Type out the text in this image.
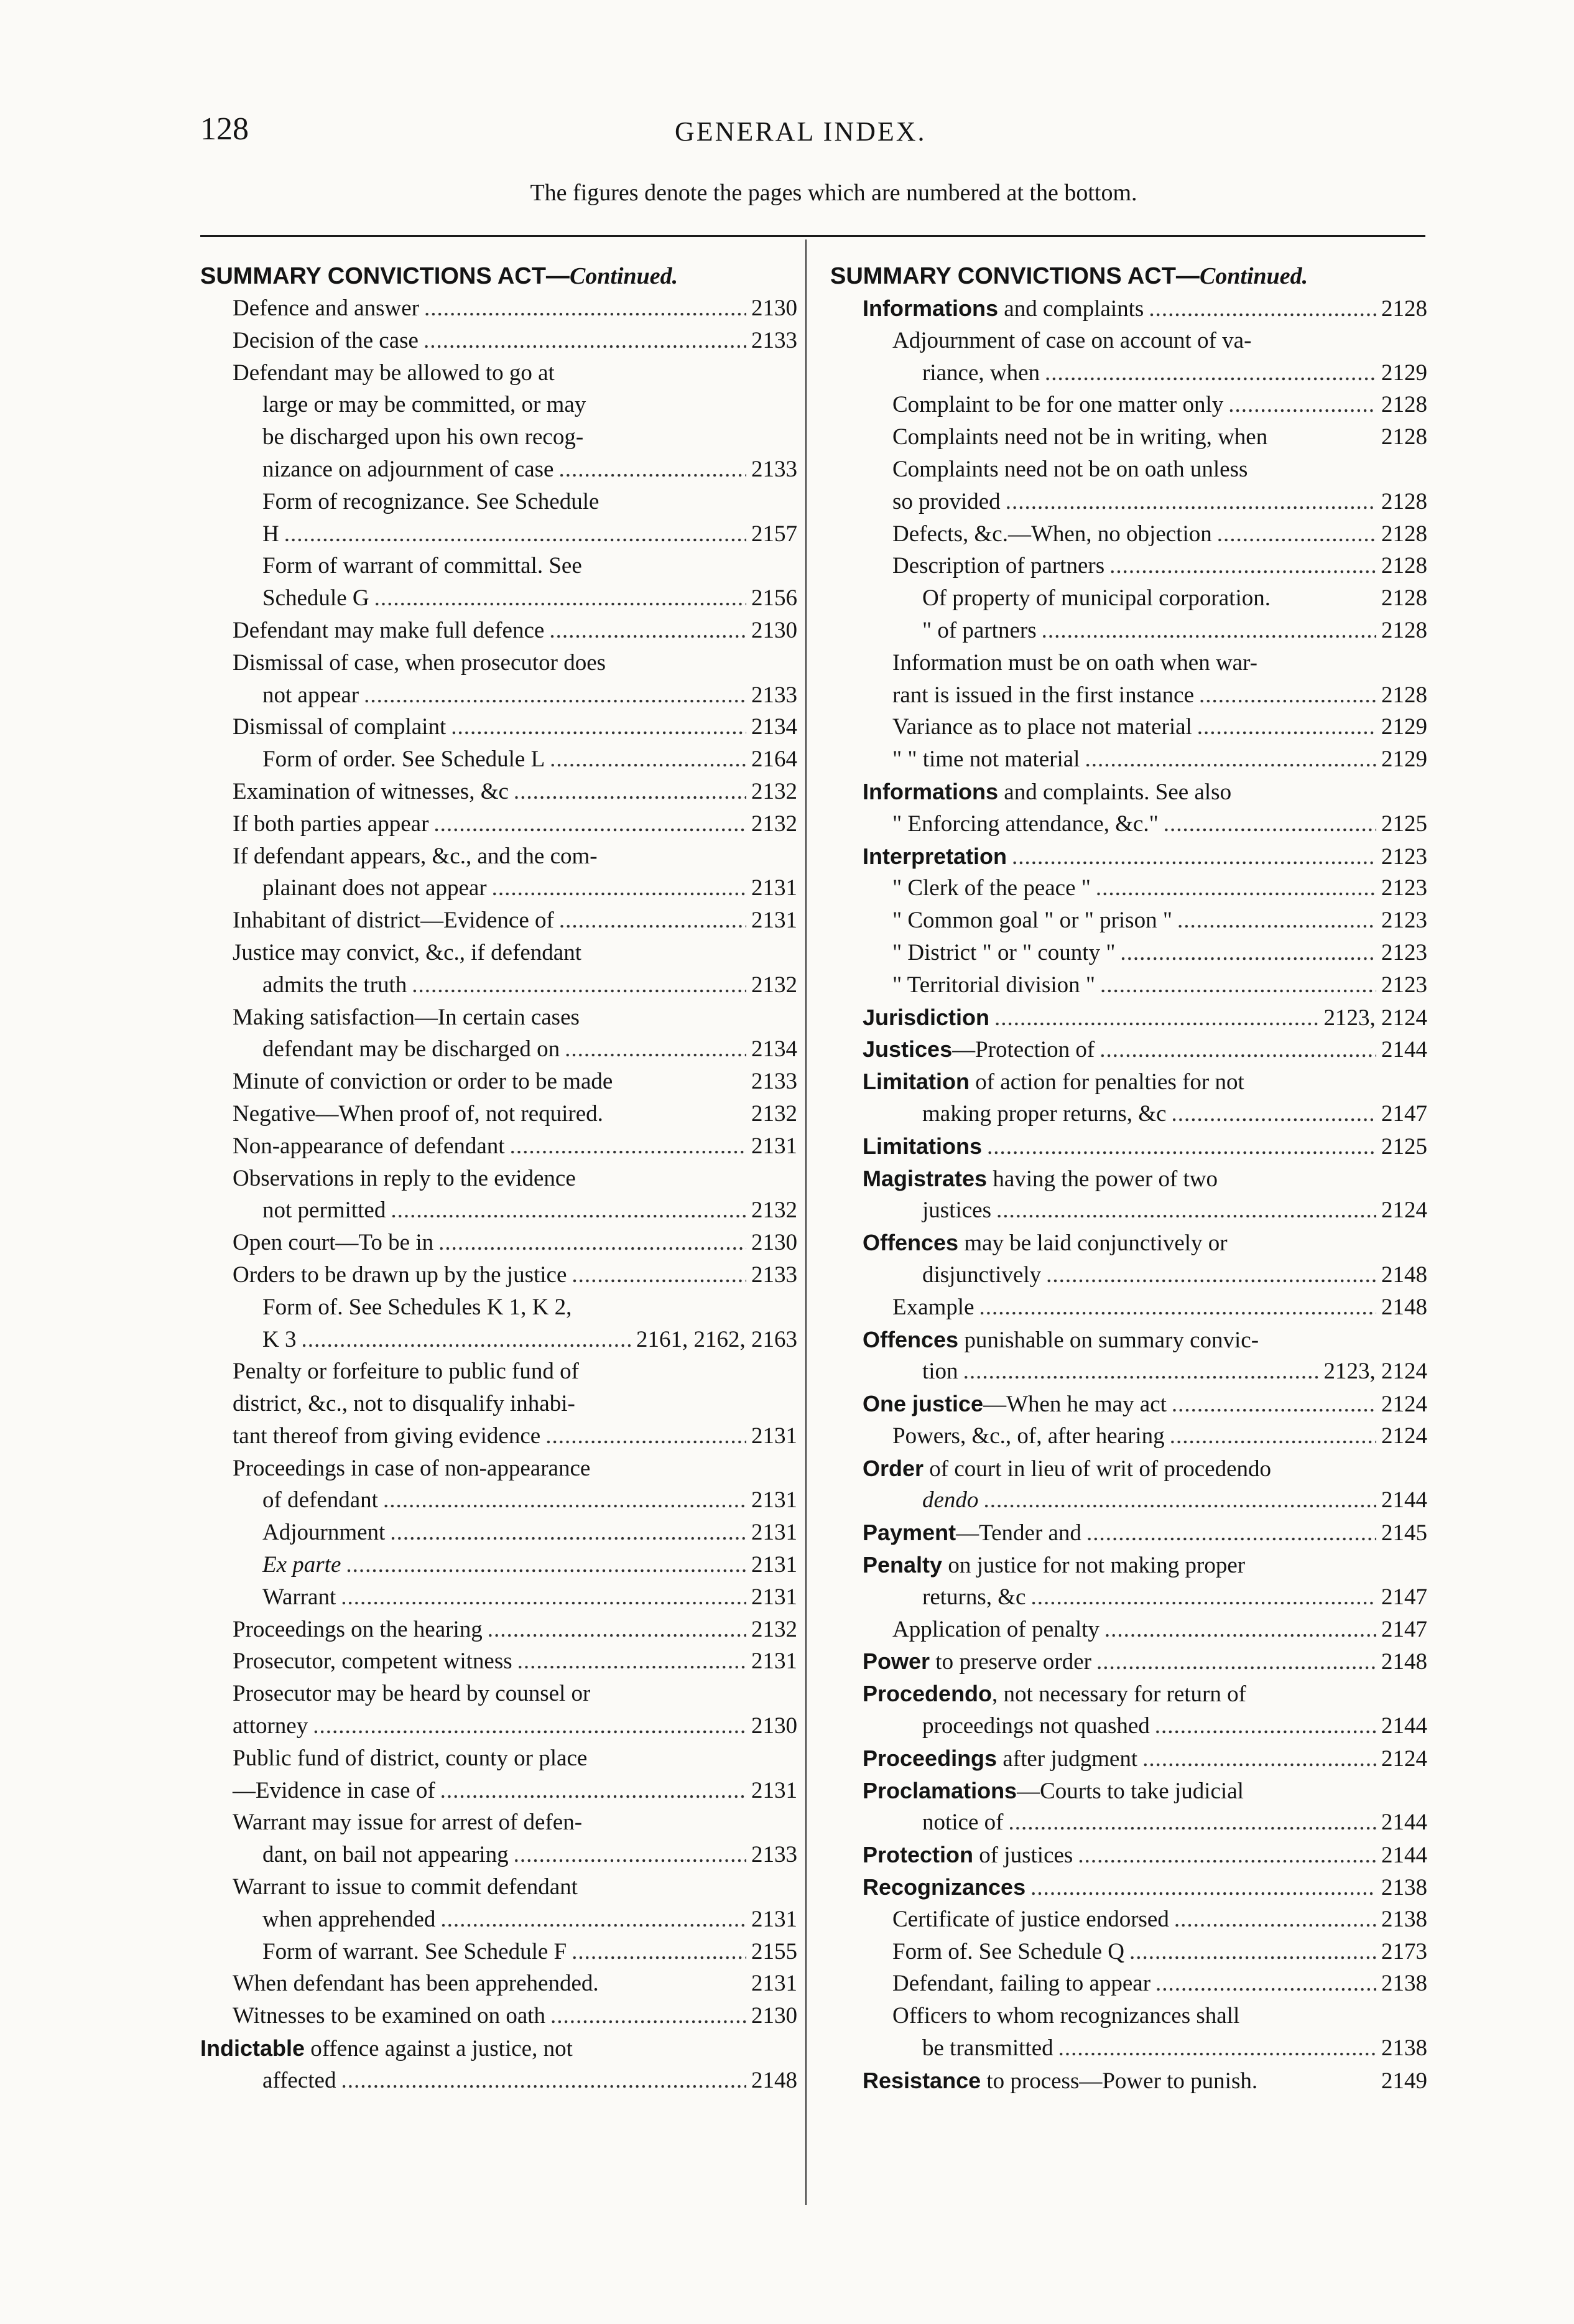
128	GENERAL INDEX.
The figures denote the pages which are numbered at the bottom.
SUMMARY CONVICTIONS ACT—Continued.
Defence and answer .....	2130
Decision of the case .....	2133
Defendant may be allowed to go at
large or may be committed, or may
be discharged upon his own recog-
nizance on adjournment of case .....	2133
Form of recognizance. See Schedule
H .....	2157
Form of warrant of committal. See
Schedule G .....	2156
Defendant may make full defence .....	2130
Dismissal of case, when prosecutor does
not appear .....	2133
Dismissal of complaint .....	2134
Form of order. See Schedule L .....	2164
Examination of witnesses, &c .....	2132
If both parties appear .....	2132
If defendant appears, &c., and the com-
plainant does not appear .....	2131
Inhabitant of district—Evidence of .....	2131
Justice may convict, &c., if defendant
admits the truth .....	2132
Making satisfaction—In certain cases
defendant may be discharged on .....	2134
Minute of conviction or order to be made	2133
Negative—When proof of, not required.	2132
Non-appearance of defendant .....	2131
Observations in reply to the evidence
not permitted .....	2132
Open court—To be in .....	2130
Orders to be drawn up by the justice .....	2133
Form of. See Schedules K 1, K 2,
K 3 .....	2161, 2162, 2163
Penalty or forfeiture to public fund of
district, &c., not to disqualify inhabi-
tant thereof from giving evidence .....	2131
Proceedings in case of non-appearance
of defendant .....	2131
Adjournment .....	2131
Ex parte .....	2131
Warrant .....	2131
Proceedings on the hearing .....	2132
Prosecutor, competent witness .....	2131
Prosecutor may be heard by counsel or
attorney .....	2130
Public fund of district, county or place
—Evidence in case of .....	2131
Warrant may issue for arrest of defen-
dant, on bail not appearing .....	2133
Warrant to issue to commit defendant
when apprehended .....	2131
Form of warrant. See Schedule F .....	2155
When defendant has been apprehended.	2131
Witnesses to be examined on oath .....	2130
Indictable offence against a justice, not
affected .....	2148
SUMMARY CONVICTIONS ACT—Continued.
Informations and complaints .....	2128
Adjournment of case on account of va-
riance, when .....	2129
Complaint to be for one matter only .....	2128
Complaints need not be in writing, when	2128
Complaints need not be on oath unless
so provided .....	2128
Defects, &c.—When, no objection .....	2128
Description of partners .....	2128
Of property of municipal corporation.	2128
" of partners .....	2128
Information must be on oath when war-
rant is issued in the first instance .....	2128
Variance as to place not material .....	2129
" " time not material .....	2129
Informations and complaints. See also
" Enforcing attendance, &c." .....	2125
Interpretation .....	2123
" Clerk of the peace " .....	2123
" Common goal " or " prison " .....	2123
" District " or " county " .....	2123
" Territorial division " .....	2123
Jurisdiction .....	2123, 2124
Justices —Protection of .....	2144
Limitation of action for penalties for not
making proper returns, &c .....	2147
Limitations .....	2125
Magistrates having the power of two
justices .....	2124
Offences may be laid conjunctively or
disjunctively .....	2148
Example .....	2148
Offences punishable on summary convic-
tion .....	2123, 2124
One justice —When he may act .....	2124
Powers, &c., of, after hearing .....	2124
Order of court in lieu of writ of procedendo
dendo .....	2144
Payment —Tender and .....	2145
Penalty on justice for not making proper
returns, &c .....	2147
Application of penalty .....	2147
Power to preserve order .....	2148
Procedendo , not necessary for return of
proceedings not quashed .....	2144
Proceedings after judgment .....	2124
Proclamations —Courts to take judicial
notice of .....	2144
Protection of justices .....	2144
Recognizances .....	2138
Certificate of justice endorsed .....	2138
Form of. See Schedule Q .....	2173
Defendant, failing to appear .....	2138
Officers to whom recognizances shall
be transmitted .....	2138
Resistance to process—Power to punish.	2149
